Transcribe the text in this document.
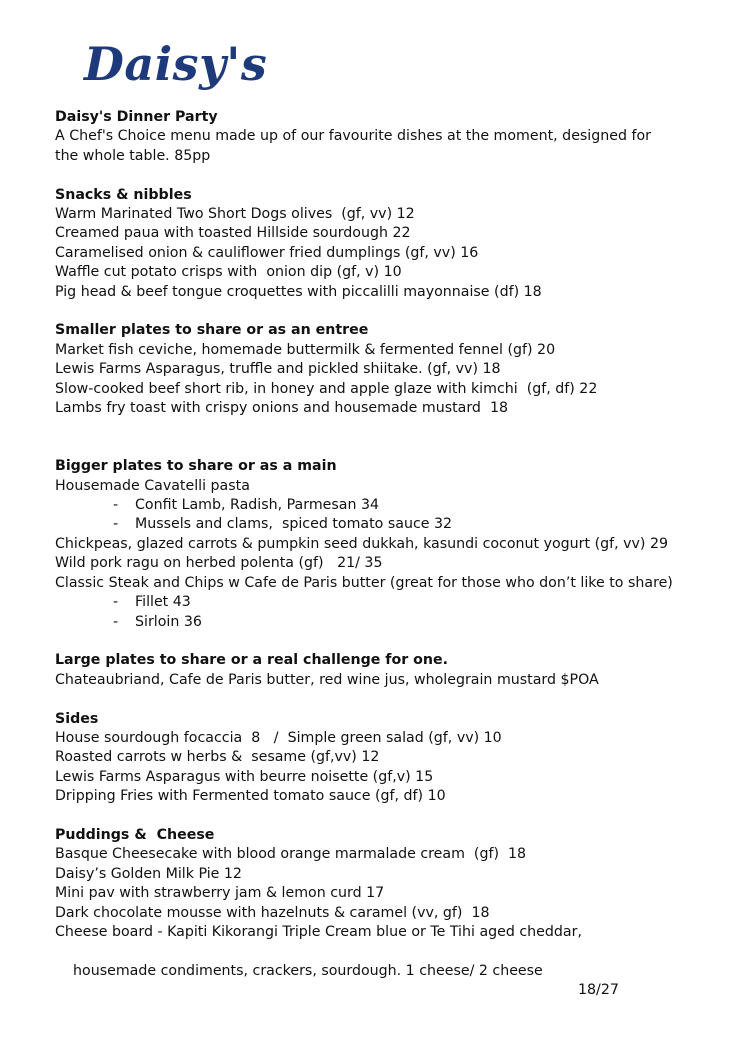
Daisy's
Daisy's Dinner Party
A Chef's Choice menu made up of our favourite dishes at the moment, designed for
the whole table. 85pp
Snacks & nibbles
Warm Marinated Two Short Dogs olives  (gf, vv) 12
Creamed paua with toasted Hillside sourdough 22
Caramelised onion & cauliflower fried dumplings (gf, vv) 16
Waffle cut potato crisps with  onion dip (gf, v) 10
Pig head & beef tongue croquettes with piccalilli mayonnaise (df) 18
Smaller plates to share or as an entree
Market fish ceviche, homemade buttermilk & fermented fennel (gf) 20
Lewis Farms Asparagus, truffle and pickled shiitake. (gf, vv) 18
Slow-cooked beef short rib, in honey and apple glaze with kimchi  (gf, df) 22
Lambs fry toast with crispy onions and housemade mustard  18
Bigger plates to share or as a main
Housemade Cavatelli pasta
- Confit Lamb, Radish, Parmesan 34
- Mussels and clams,  spiced tomato sauce 32
Chickpeas, glazed carrots & pumpkin seed dukkah, kasundi coconut yogurt (gf, vv) 29
Wild pork ragu on herbed polenta (gf)   21/ 35
Classic Steak and Chips w Cafe de Paris butter (great for those who don’t like to share)
- Fillet 43
- Sirloin 36
Large plates to share or a real challenge for one.
Chateaubriand, Cafe de Paris butter, red wine jus, wholegrain mustard $POA
Sides
House sourdough focaccia  8   /  Simple green salad (gf, vv) 10
Roasted carrots w herbs &  sesame (gf,vv) 12
Lewis Farms Asparagus with beurre noisette (gf,v) 15
Dripping Fries with Fermented tomato sauce (gf, df) 10
Puddings &  Cheese
Basque Cheesecake with blood orange marmalade cream  (gf)  18
Daisy’s Golden Milk Pie 12
Mini pav with strawberry jam & lemon curd 17
Dark chocolate mousse with hazelnuts & caramel (vv, gf)  18
Cheese board - Kapiti Kikorangi Triple Cream blue or Te Tihi aged cheddar,

housemade condiments, crackers, sourdough. 1 cheese/ 2 cheese

18/27
